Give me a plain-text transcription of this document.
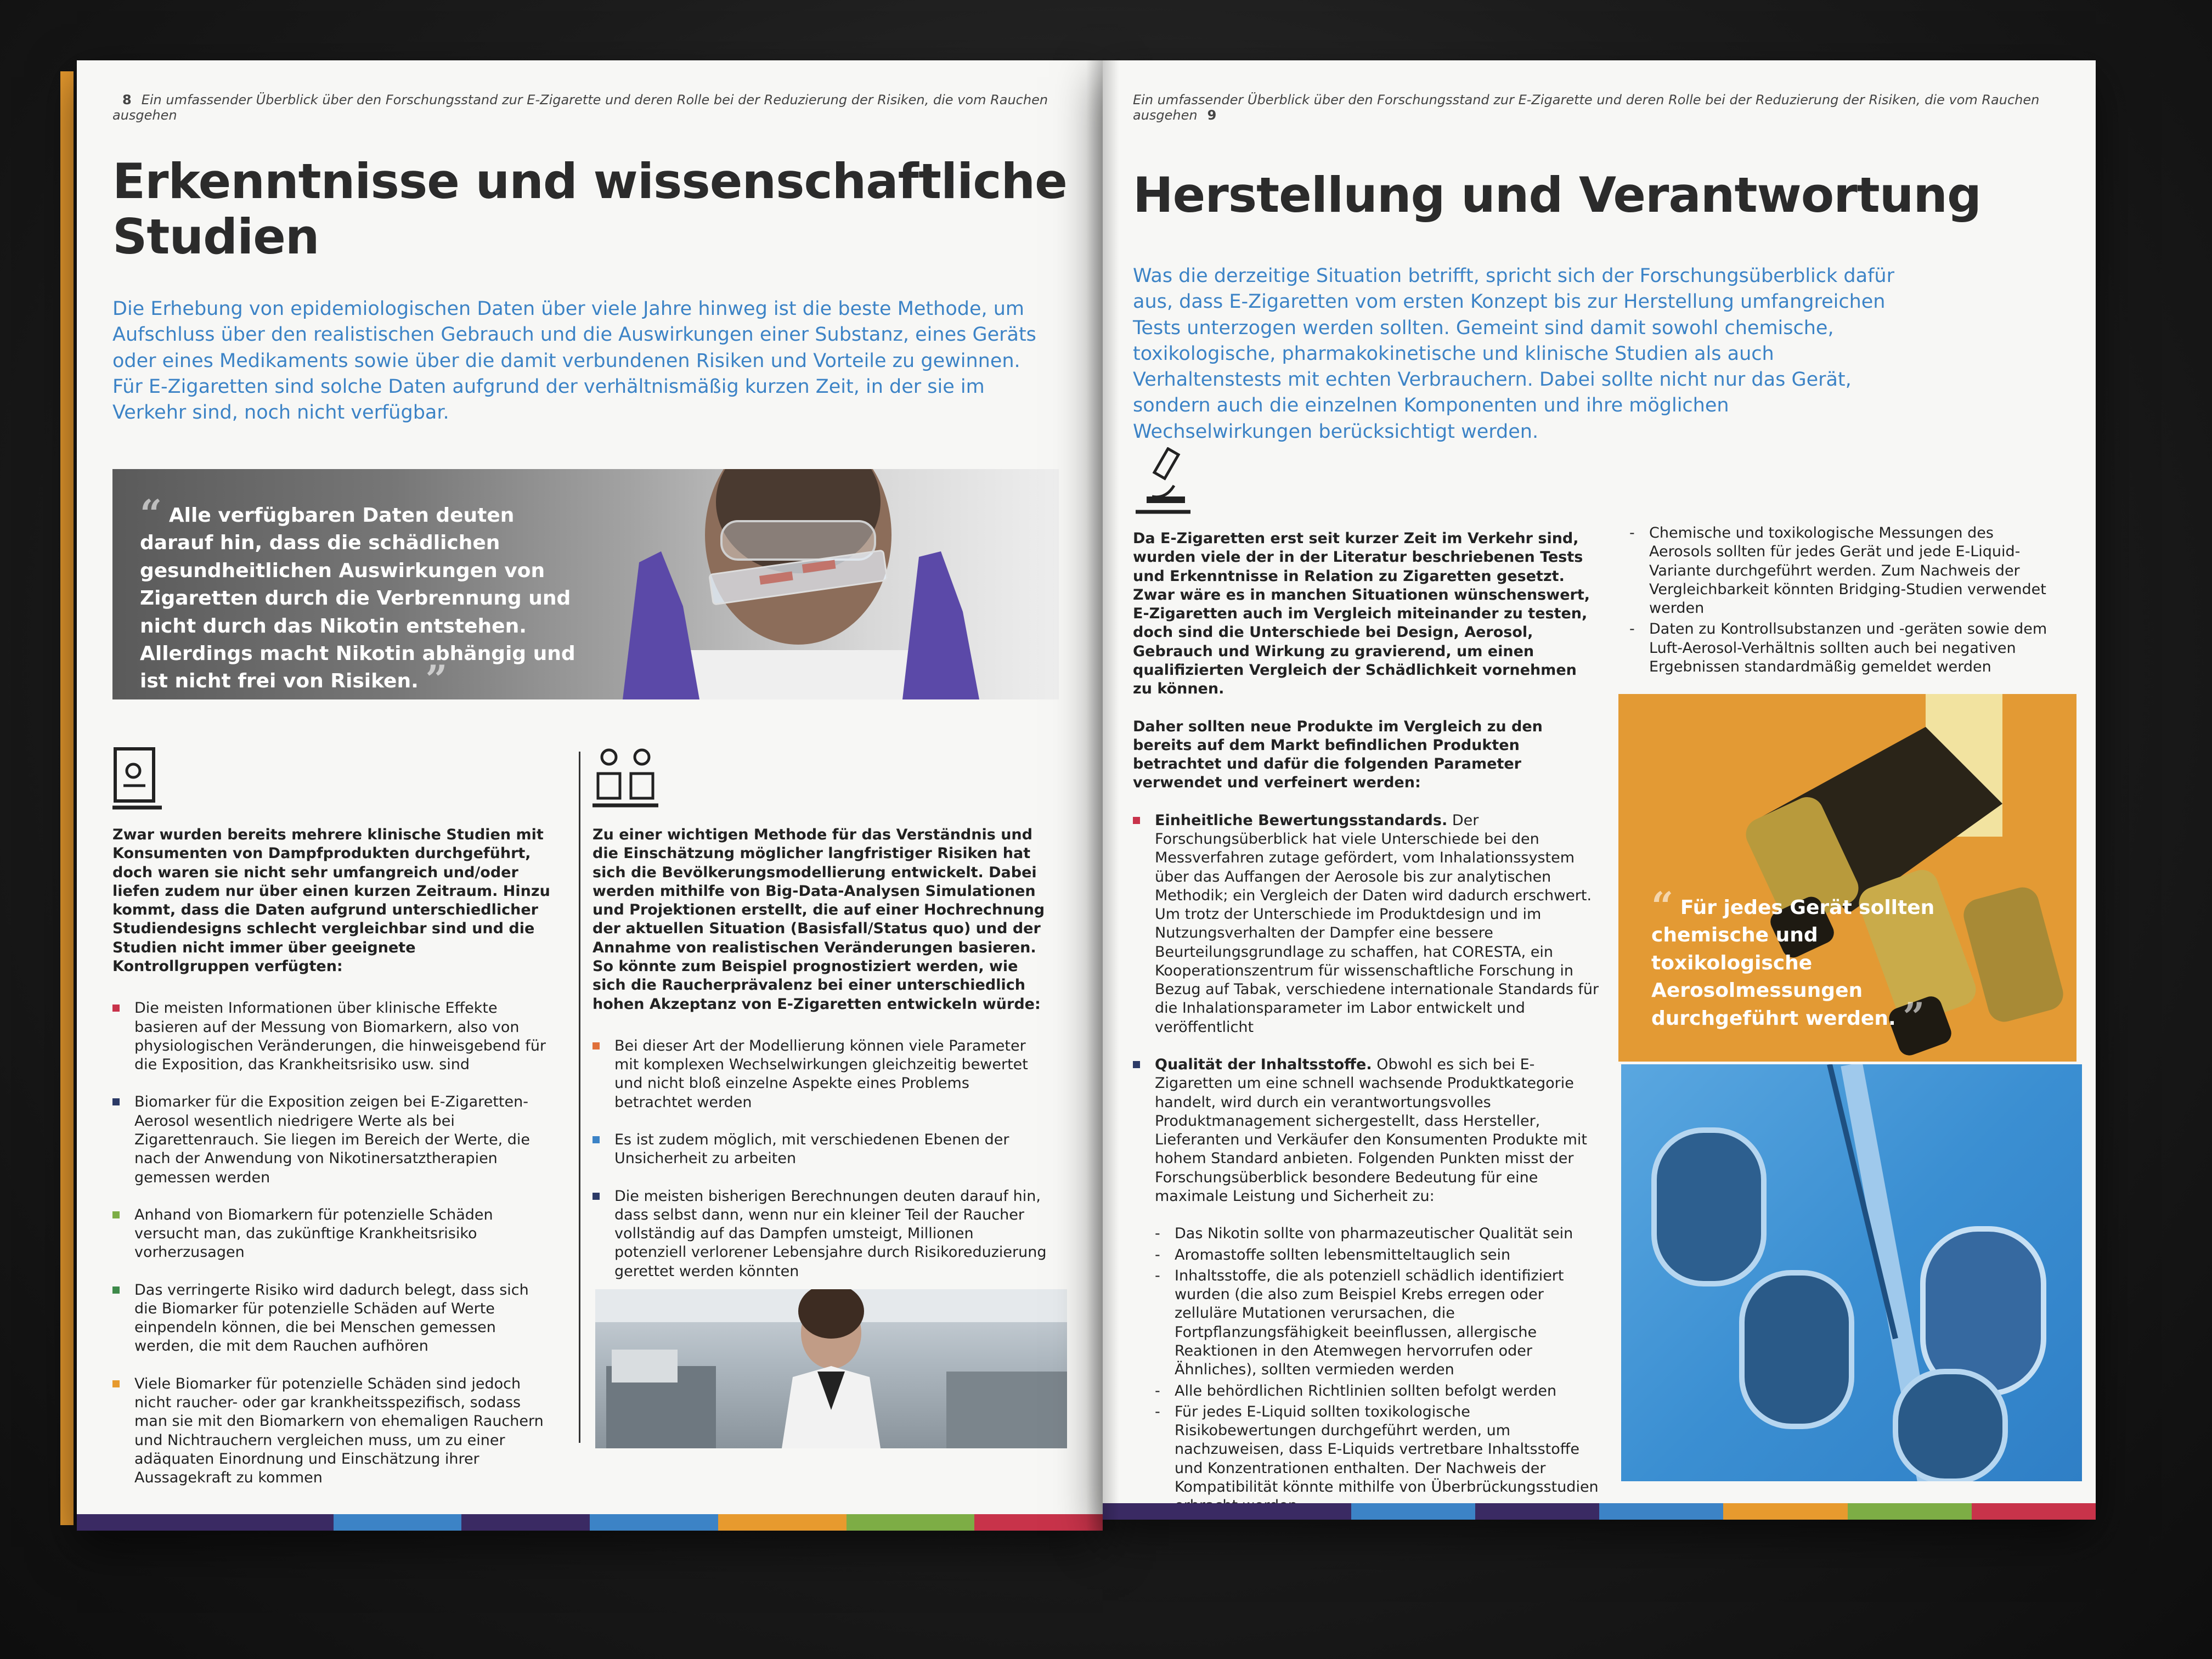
8 Ein umfassender Überblick über den Forschungsstand zur E-Zigarette und deren Rolle bei der Reduzierung der Risiken, die vom Rauchen ausgehen
Erkenntnisse und wissenschaftliche
Studien

Die Erhebung von epidemiologischen Daten über viele Jahre hinweg ist die beste Methode, um Aufschluss über den realistischen Gebrauch und die Auswirkungen einer Substanz, eines Geräts oder eines Medikaments sowie über die damit verbundenen Risiken und Vorteile zu gewinnen. Für E-Zigaretten sind solche Daten aufgrund der verhältnismäßig kurzen Zeit, in der sie im Verkehr sind, noch nicht verfügbar.

“ Alle verfügbaren Daten deuten darauf hin, dass die schädlichen gesundheitlichen Auswirkungen von Zigaretten durch die Verbrennung und nicht durch das Nikotin entstehen. Allerdings macht Nikotin abhängig und ist nicht frei von Risiken. ”
Zwar wurden bereits mehrere klinische Studien mit Konsumenten von Dampfprodukten durchgeführt, doch waren sie nicht sehr umfangreich und/oder liefen zudem nur über einen kurzen Zeitraum. Hinzu kommt, dass die Daten aufgrund unterschiedlicher Studiendesigns schlecht vergleichbar sind und die Studien nicht immer über geeignete Kontrollgruppen verfügten:
Die meisten Informationen über klinische Effekte basieren auf der Messung von Biomarkern, also von physiologischen Veränderungen, die hinweisgebend für die Exposition, das Krankheitsrisiko usw. sind
Biomarker für die Exposition zeigen bei E-Zigaretten-Aerosol wesentlich niedrigere Werte als bei Zigarettenrauch. Sie liegen im Bereich der Werte, die nach der Anwendung von Nikotinersatztherapien gemessen werden
Anhand von Biomarkern für potenzielle Schäden versucht man, das zukünftige Krankheitsrisiko vorherzusagen
Das verringerte Risiko wird dadurch belegt, dass sich die Biomarker für potenzielle Schäden auf Werte einpendeln können, die bei Menschen gemessen werden, die mit dem Rauchen aufhören
Viele Biomarker für potenzielle Schäden sind jedoch nicht raucher- oder gar krankheitsspezifisch, sodass man sie mit den Biomarkern von ehemaligen Rauchern und Nichtrauchern vergleichen muss, um zu einer adäquaten Einordnung und Einschätzung ihrer Aussagekraft zu kommen
Zu einer wichtigen Methode für das Verständnis und die Einschätzung möglicher langfristiger Risiken hat sich die Bevölkerungsmodellierung entwickelt. Dabei werden mithilfe von Big-Data-Analysen Simulationen und Projektionen erstellt, die auf einer Hochrechnung der aktuellen Situation (Basisfall/Status quo) und der Annahme von realistischen Veränderungen basieren. So könnte zum Beispiel prognostiziert werden, wie sich die Raucherprävalenz bei einer unterschiedlich hohen Akzeptanz von E-Zigaretten entwickeln würde:
Bei dieser Art der Modellierung können viele Parameter mit komplexen Wechselwirkungen gleichzeitig bewertet und nicht bloß einzelne Aspekte eines Problems betrachtet werden
Es ist zudem möglich, mit verschiedenen Ebenen der Unsicherheit zu arbeiten
Die meisten bisherigen Berechnungen deuten darauf hin, dass selbst dann, wenn nur ein kleiner Teil der Raucher vollständig auf das Dampfen umsteigt, Millionen potenziell verlorener Lebensjahre durch Risikoreduzierung gerettet werden könnten
Ein umfassender Überblick über den Forschungsstand zur E-Zigarette und deren Rolle bei der Reduzierung der Risiken, die vom Rauchen ausgehen 9
Herstellung und Verantwortung

Was die derzeitige Situation betrifft, spricht sich der Forschungsüberblick dafür aus, dass E-Zigaretten vom ersten Konzept bis zur Herstellung umfangreichen Tests unterzogen werden sollten. Gemeint sind damit sowohl chemische, toxikologische, pharmakokinetische und klinische Studien als auch Verhaltenstests mit echten Verbrauchern. Dabei sollte nicht nur das Gerät, sondern auch die einzelnen Komponenten und ihre möglichen Wechselwirkungen berücksichtigt werden.

Da E-Zigaretten erst seit kurzer Zeit im Verkehr sind, wurden viele der in der Literatur beschriebenen Tests und Erkenntnisse in Relation zu Zigaretten gesetzt. Zwar wäre es in manchen Situationen wünschenswert, E-Zigaretten auch im Vergleich miteinander zu testen, doch sind die Unterschiede bei Design, Aerosol, Gebrauch und Wirkung zu gravierend, um einen qualifizierten Vergleich der Schädlichkeit vornehmen zu können.
Daher sollten neue Produkte im Vergleich zu den bereits auf dem Markt befindlichen Produkten betrachtet und dafür die folgenden Parameter verwendet und verfeinert werden:
Einheitliche Bewertungsstandards. Der Forschungsüberblick hat viele Unterschiede bei den Messverfahren zutage gefördert, vom Inhalationssystem über das Auffangen der Aerosole bis zur analytischen Methodik; ein Vergleich der Daten wird dadurch erschwert. Um trotz der Unterschiede im Produktdesign und im Nutzungsverhalten der Dampfer eine bessere Beurteilungsgrundlage zu schaffen, hat CORESTA, ein Kooperationszentrum für wissenschaftliche Forschung in Bezug auf Tabak, verschiedene internationale Standards für die Inhalationsparameter im Labor entwickelt und veröffentlicht
Qualität der Inhaltsstoffe. Obwohl es sich bei E-Zigaretten um eine schnell wachsende Produktkategorie handelt, wird durch ein verantwortungsvolles Produktmanagement sichergestellt, dass Hersteller, Lieferanten und Verkäufer den Konsumenten Produkte mit hohem Standard anbieten. Folgenden Punkten misst der Forschungsüberblick besondere Bedeutung für eine maximale Leistung und Sicherheit zu:
- Das Nikotin sollte von pharmazeutischer Qualität sein
- Aromastoffe sollten lebensmitteltauglich sein
- Inhaltsstoffe, die als potenziell schädlich identifiziert wurden (die also zum Beispiel Krebs erregen oder zelluläre Mutationen verursachen, die Fortpflanzungsfähigkeit beeinflussen, allergische Reaktionen in den Atemwegen hervorrufen oder Ähnliches), sollten vermieden werden
- Alle behördlichen Richtlinien sollten befolgt werden
- Für jedes E-Liquid sollten toxikologische Risikobewertungen durchgeführt werden, um nachzuweisen, dass E-Liquids vertretbare Inhaltsstoffe und Konzentrationen enthalten. Der Nachweis der Kompatibilität könnte mithilfe von Überbrückungsstudien
- Chemische und toxikologische Messungen des Aerosols sollten für jedes Gerät und jede E-Liquid-Variante durchgeführt werden. Zum Nachweis der Vergleichbarkeit könnten Bridging-Studien verwendet werden
- Daten zu Kontrollsubstanzen und -geräten sowie dem Luft-Aerosol-Verhältnis sollten auch bei negativen Ergebnissen standardmäßig gemeldet werden
“ Für jedes Gerät sollten chemische und toxikologische Aerosolmessungen durchgeführt werden. ”
